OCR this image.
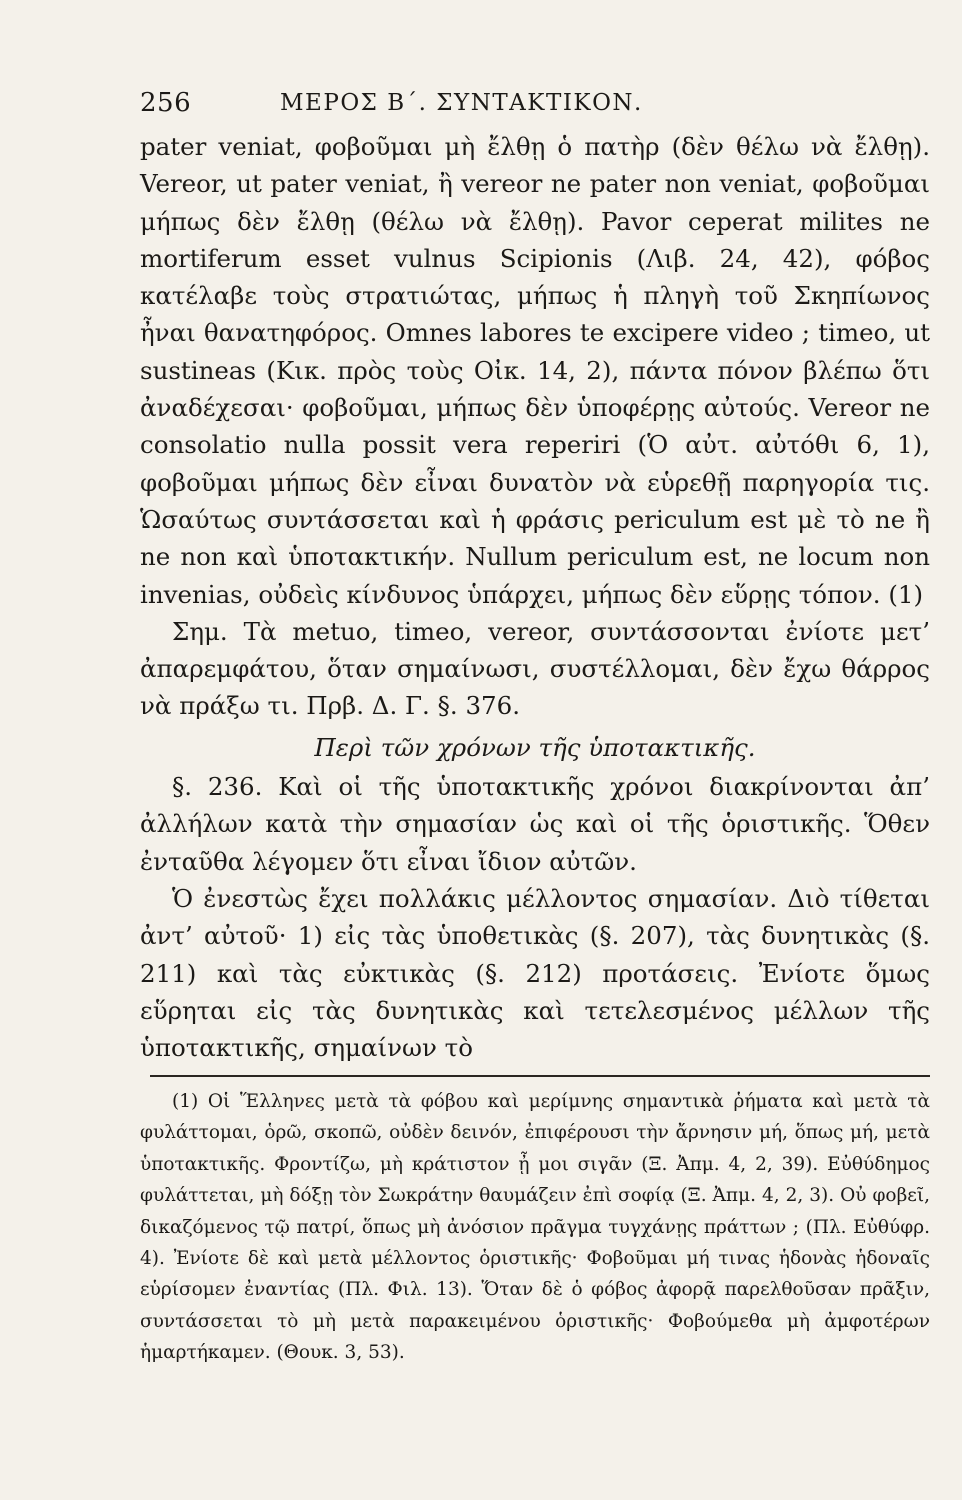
256	ΜΕΡΟΣ Β΄. ΣΥΝΤΑΚΤΙΚΟΝ.

pater veniat, φοβοῦμαι μὴ ἔλθῃ ὁ πατὴρ (δὲν θέλω νὰ ἔλθῃ). Vereor, ut pater veniat, ἢ vereor ne pater non veniat, φοβοῦμαι μήπως δὲν ἔλθῃ (θέλω νὰ ἔλθῃ). Pavor ceperat milites ne mortiferum esset vulnus Scipionis (Λιβ. 24, 42), φόβος κατέλαβε τοὺς στρατιώτας, μήπως ἡ πληγὴ τοῦ Σκηπίωνος ἦναι θανατηφόρος. Omnes labores te excipere video ; timeo, ut sustineas (Κικ. πρὸς τοὺς Οἰκ. 14, 2), πάντα πόνον βλέπω ὅτι ἀναδέχεσαι· φοβοῦμαι, μήπως δὲν ὑποφέρῃς αὐτούς. Vereor ne consolatio nulla possit vera reperiri (Ὁ αὐτ. αὐτόθι 6, 1), φοβοῦμαι μήπως δὲν εἶναι δυνατὸν νὰ εὑρεθῇ παρηγορία τις. Ὡσαύτως συντάσσεται καὶ ἡ φράσις periculum est μὲ τὸ ne ἢ ne non καὶ ὑποτακτικήν. Nullum periculum est, ne locum non invenias, οὐδεὶς κίνδυνος ὑπάρχει, μήπως δὲν εὕρῃς τόπον. (1)

Σημ. Τὰ metuo, timeo, vereor, συντάσσονται ἐνίοτε μετ’ ἀπαρεμφάτου, ὅταν σημαίνωσι, συστέλλομαι, δὲν ἔχω θάρρος νὰ πράξω τι. Πρβ. Δ. Γ. §. 376.

Περὶ τῶν χρόνων τῆς ὑποτακτικῆς.

§. 236. Καὶ οἱ τῆς ὑποτακτικῆς χρόνοι διακρίνονται ἀπ’ ἀλλήλων κατὰ τὴν σημασίαν ὡς καὶ οἱ τῆς ὁριστικῆς. Ὅθεν ἐνταῦθα λέγομεν ὅτι εἶναι ἴδιον αὐτῶν.

Ὁ ἐνεστὼς ἔχει πολλάκις μέλλοντος σημασίαν. Διὸ τίθεται ἀντ’ αὐτοῦ· 1) εἰς τὰς ὑποθετικὰς (§. 207), τὰς δυνητικὰς (§. 211) καὶ τὰς εὐκτικὰς (§. 212) προτάσεις. Ἐνίοτε ὅμως εὕρηται εἰς τὰς δυνητικὰς καὶ τετελεσμένος μέλλων τῆς ὑποτακτικῆς, σημαίνων τὸ

(1) Οἱ Ἕλληνες μετὰ τὰ φόβου καὶ μερίμνης σημαντικὰ ῥήματα καὶ μετὰ τὰ φυλάττομαι, ὁρῶ, σκοπῶ, οὐδὲν δεινόν, ἐπιφέρουσι τὴν ἄρνησιν μή, ὅπως μή, μετὰ ὑποτακτικῆς. Φροντίζω, μὴ κράτιστον ᾖ μοι σιγᾶν (Ξ. Ἀπμ. 4, 2, 39). Εὐθύδημος φυλάττεται, μὴ δόξῃ τὸν Σωκράτην θαυμάζειν ἐπὶ σοφίᾳ (Ξ. Ἀπμ. 4, 2, 3). Οὐ φοβεῖ, δικαζόμενος τῷ πατρί, ὅπως μὴ ἀνόσιον πρᾶγμα τυγχάνῃς πράττων ; (Πλ. Εὐθύφρ. 4). Ἐνίοτε δὲ καὶ μετὰ μέλλοντος ὁριστικῆς· Φοβοῦμαι μή τινας ἡδονὰς ἡδοναῖς εὑρίσομεν ἐναντίας (Πλ. Φιλ. 13). Ὅταν δὲ ὁ φόβος ἀφορᾷ παρελθοῦσαν πρᾶξιν, συντάσσεται τὸ μὴ μετὰ παρακειμένου ὁριστικῆς· Φοβούμεθα μὴ ἀμφοτέρων ἡμαρτήκαμεν. (Θουκ. 3, 53).
